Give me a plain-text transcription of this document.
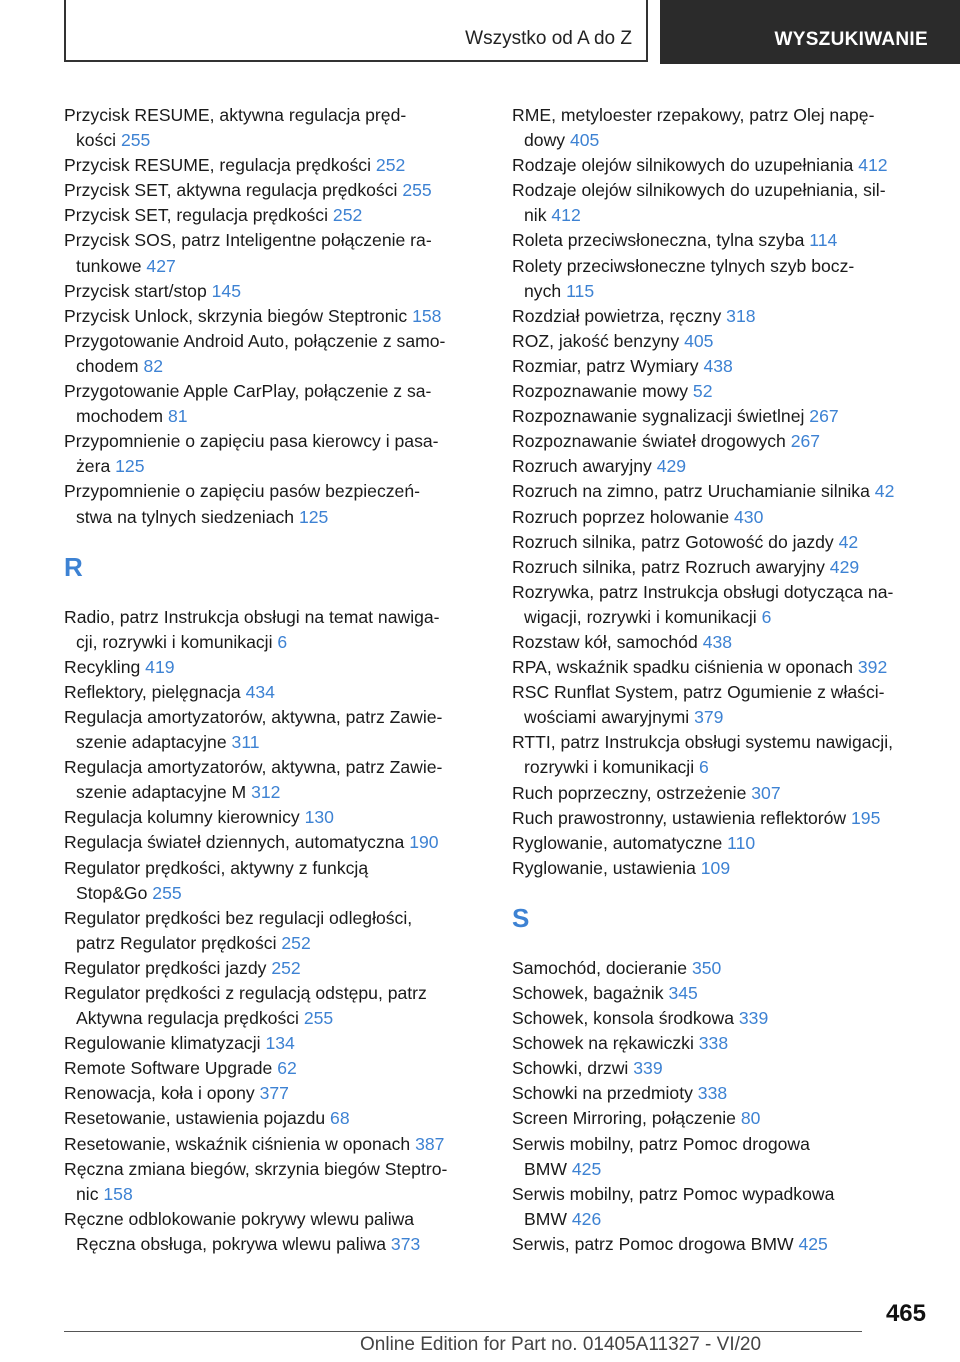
Wszystko od A do Z	WYSZUKIWANIE
Przycisk RESUME, aktywna regulacja pręd-
kości 255
Przycisk RESUME, regulacja prędkości 252
Przycisk SET, aktywna regulacja prędkości 255
Przycisk SET, regulacja prędkości 252
Przycisk SOS, patrz Inteligentne połączenie ra-
tunkowe 427
Przycisk start/stop 145
Przycisk Unlock, skrzynia biegów Steptronic 158
Przygotowanie Android Auto, połączenie z samo-
chodem 82
Przygotowanie Apple CarPlay, połączenie z sa-
mochodem 81
Przypomnienie o zapięciu pasa kierowcy i pasa-
żera 125
Przypomnienie o zapięciu pasów bezpieczeń-
stwa na tylnych siedzeniach 125
R
Radio, patrz Instrukcja obsługi na temat nawiga-
cji, rozrywki i komunikacji 6
Recykling 419
Reflektory, pielęgnacja 434
Regulacja amortyzatorów, aktywna, patrz Zawie-
szenie adaptacyjne 311
Regulacja amortyzatorów, aktywna, patrz Zawie-
szenie adaptacyjne M 312
Regulacja kolumny kierownicy 130
Regulacja świateł dziennych, automatyczna 190
Regulator prędkości, aktywny z funkcją
Stop&Go 255
Regulator prędkości bez regulacji odległości,
patrz Regulator prędkości 252
Regulator prędkości jazdy 252
Regulator prędkości z regulacją odstępu, patrz
Aktywna regulacja prędkości 255
Regulowanie klimatyzacji 134
Remote Software Upgrade 62
Renowacja, koła i opony 377
Resetowanie, ustawienia pojazdu 68
Resetowanie, wskaźnik ciśnienia w oponach 387
Ręczna zmiana biegów, skrzynia biegów Steptro-
nic 158
Ręczne odblokowanie pokrywy wlewu paliwa
Ręczna obsługa, pokrywa wlewu paliwa 373
RME, metyloester rzepakowy, patrz Olej napę-
dowy 405
Rodzaje olejów silnikowych do uzupełniania 412
Rodzaje olejów silnikowych do uzupełniania, sil-
nik 412
Roleta przeciwsłoneczna, tylna szyba 114
Rolety przeciwsłoneczne tylnych szyb bocz-
nych 115
Rozdział powietrza, ręczny 318
ROZ, jakość benzyny 405
Rozmiar, patrz Wymiary 438
Rozpoznawanie mowy 52
Rozpoznawanie sygnalizacji świetlnej 267
Rozpoznawanie świateł drogowych 267
Rozruch awaryjny 429
Rozruch na zimno, patrz Uruchamianie silnika 42
Rozruch poprzez holowanie 430
Rozruch silnika, patrz Gotowość do jazdy 42
Rozruch silnika, patrz Rozruch awaryjny 429
Rozrywka, patrz Instrukcja obsługi dotycząca na-
wigacji, rozrywki i komunikacji 6
Rozstaw kół, samochód 438
RPA, wskaźnik spadku ciśnienia w oponach 392
RSC Runflat System, patrz Ogumienie z właści-
wościami awaryjnymi 379
RTTI, patrz Instrukcja obsługi systemu nawigacji,
rozrywki i komunikacji 6
Ruch poprzeczny, ostrzeżenie 307
Ruch prawostronny, ustawienia reflektorów 195
Ryglowanie, automatyczne 110
Ryglowanie, ustawienia 109
S
Samochód, docieranie 350
Schowek, bagażnik 345
Schowek, konsola środkowa 339
Schowek na rękawiczki 338
Schowki, drzwi 339
Schowki na przedmioty 338
Screen Mirroring, połączenie 80
Serwis mobilny, patrz Pomoc drogowa
BMW 425
Serwis mobilny, patrz Pomoc wypadkowa
BMW 426
Serwis, patrz Pomoc drogowa BMW 425
465
Online Edition for Part no. 01405A11327 - VI/20
